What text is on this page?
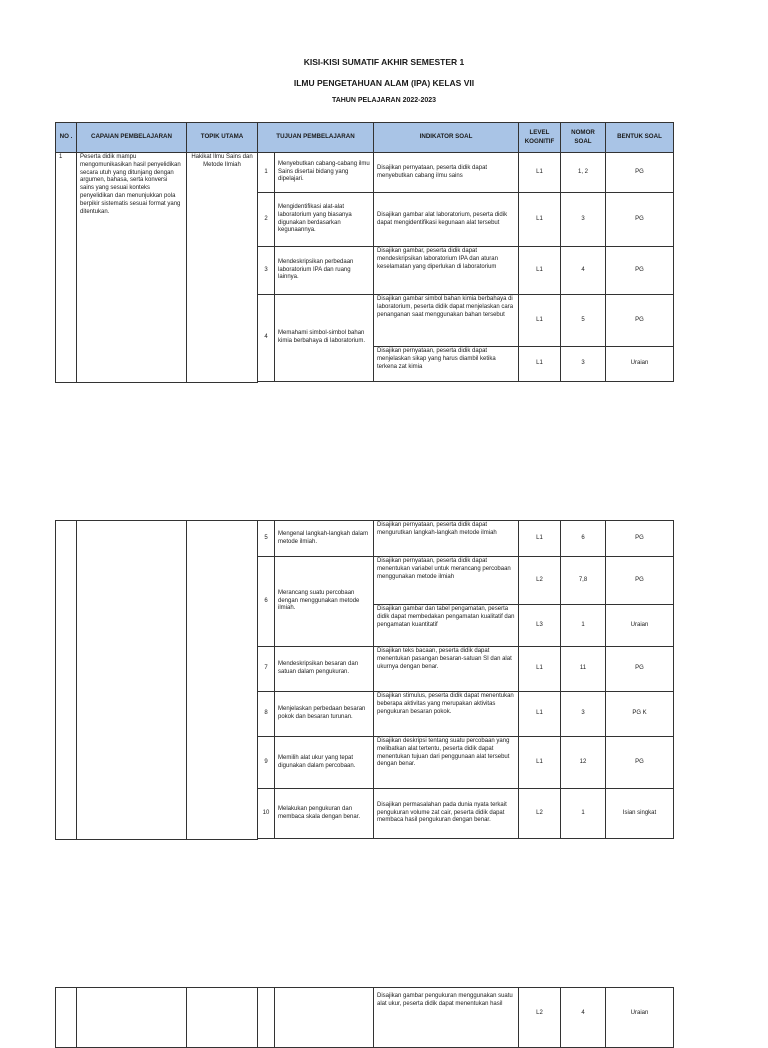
KISI-KISI SUMATIF AKHIR SEMESTER 1
ILMU PENGETAHUAN ALAM (IPA) KELAS VII
TAHUN PELAJARAN 2022-2023
NO .	CAPAIAN PEMBELAJARAN	TOPIK UTAMA	TUJUAN PEMBELAJARAN		INDIKATOR SOAL	LEVEL KOGNITIF	NOMOR SOAL	BENTUK SOAL
1	Peserta didik mampu mengomunikasikan hasil penyelidikan secara utuh yang ditunjang dengan argumen, bahasa, serta konversi sains yang sesuai konteks penyelidikan dan menunjukkan pola berpikir sistematis sesuai format yang ditentukan.	Hakikat Ilmu Sains dan Metode Ilmiah	1	Menyebutkan cabang-cabang ilmu Sains disertai bidang yang dipelajari.	Disajikan pernyataan, peserta didik dapat menyebutkan cabang ilmu sains	L1	1, 2	PG
			2	Mengidentifikasi alat-alat laboratorium yang biasanya digunakan berdasarkan kegunaannya.	Disajikan gambar alat laboratorium, peserta didik dapat mengidentifikasi kegunaan alat tersebut	L1	3	PG
			3	Mendeskripsikan perbedaan laboratorium IPA dan ruang lainnya.	Disajikan gambar, peserta didik dapat mendeskripsikan laboratorium IPA dan aturan keselamatan yang diperlukan di laboratorium	L1	4	PG
			4	Memahami simbol-simbol bahan kimia berbahaya di laboratorium.	Disajikan gambar simbol bahan kimia berbahaya di laboratorium, peserta didik dapat menjelaskan cara penanganan saat menggunakan bahan tersebut	L1	5	PG
					Disajikan pernyataan, peserta didik dapat menjelaskan sikap yang harus diambil ketika terkena zat kimia	L1	3	Uraian

			5	Mengenal langkah-langkah dalam metode ilmiah.	Disajikan pernyataan, peserta didik dapat mengurutkan langkah-langkah metode ilmiah	L1	6	PG
			6	Merancang suatu percobaan dengan menggunakan metode ilmiah.	Disajikan pernyataan, peserta didik dapat menentukan variabel untuk merancang percobaan menggunakan metode ilmiah	L2	7,8	PG
					Disajikan gambar dan tabel pengamatan, peserta didik dapat membedakan pengamatan kualitatif dan pengamatan kuantitatif	L3	1	Uraian
			7	Mendeskripsikan besaran dan satuan dalam pengukuran.	Disajikan teks bacaan, peserta didik dapat menentukan pasangan besaran-satuan SI dan alat ukurnya dengan benar.	L1	11	PG
			8	Menjelaskan perbedaan besaran pokok dan besaran turunan.	Disajikan stimulus, peserta didik dapat menentukan beberapa aktivitas yang merupakan aktivitas pengukuran besaran pokok.	L1	3	PG K
			9	Memilih alat ukur yang tepat digunakan dalam percobaan.	Disajikan deskripsi tentang suatu percobaan yang melibatkan alat tertentu, peserta didik dapat menentukan tujuan dari penggunaan alat tersebut dengan benar.	L1	12	PG
			10	Melakukan pengukuran dan membaca skala dengan benar.	Disajikan permasalahan pada dunia nyata terkait pengukuran volume zat cair, peserta didik dapat membaca hasil pengukuran dengan benar.	L2	1	Isian singkat

					Disajikan gambar pengukuran menggunakan suatu alat ukur, peserta didik dapat menentukan hasil	L2	4	Uraian
